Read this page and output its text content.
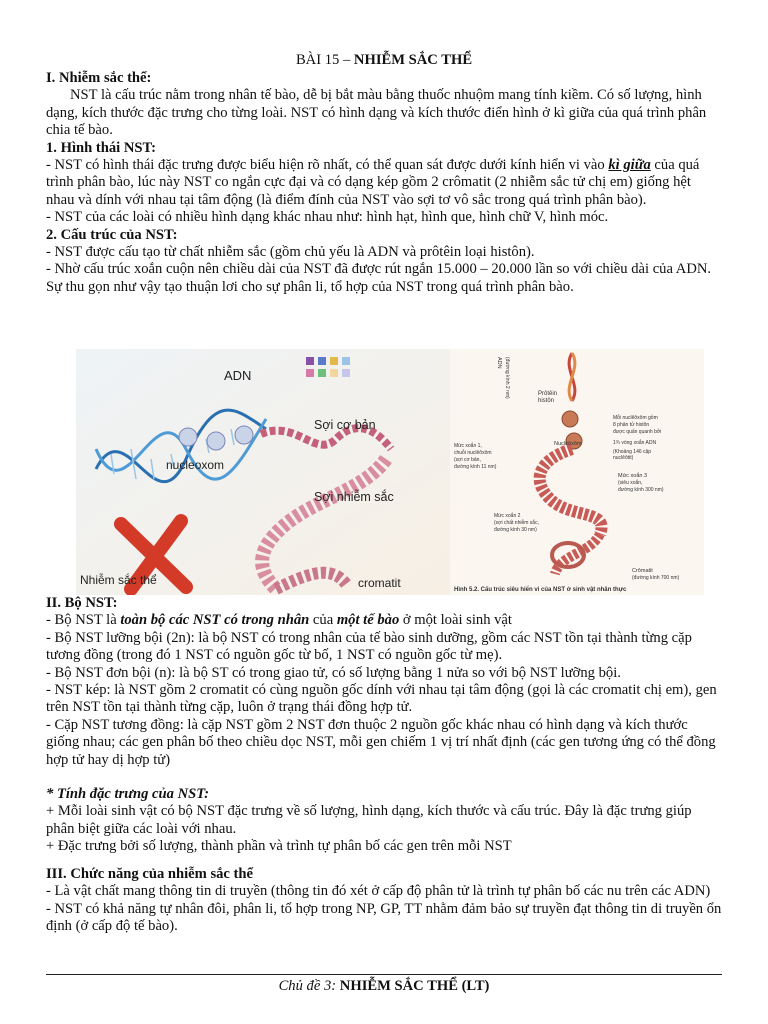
BÀI 15 – NHIỄM SẮC THỂ

I. Nhiễm sắc thể:

NST là cấu trúc nằm trong nhân tế bào, dễ bị bắt màu bằng thuốc nhuộm mang tính kiềm. Có số lượng, hình dạng, kích thước đặc trưng cho từng loài. NST có hình dạng và kích thước điển hình ở kì giữa của quá trình phân chia tế bào.

1. Hình thái NST:

- NST có hình thái đặc trưng được biểu hiện rõ nhất, có thể quan sát được dưới kính hiển vi vào kì giữa của quá trình phân bào, lúc này NST co ngắn cực đại và có dạng kép gồm 2 crômatit (2 nhiễm sắc tử chị em) giống hệt nhau và dính với nhau tại tâm động (là điểm đính của NST vào sợi tơ vô sắc trong quá trình phân bào).

- NST của các loài có nhiều hình dạng khác nhau như: hình hạt, hình que, hình chữ V, hình móc.

2. Cấu trúc của NST:

- NST được cấu tạo từ chất nhiễm sắc (gồm chủ yếu là ADN và prôtêin loại histôn).

- Nhờ cấu trúc xoắn cuộn nên chiều dài của NST đã được rút ngắn 15.000 – 20.000 lần so với chiều dài của ADN. Sự thu gọn như vậy tạo thuận lơi cho sự phân li, tổ hợp của NST trong quá trình phân bào.

ADN
Sợi cơ bản
nucleoxom
Sợi nhiễm sắc
Nhiễm sắc thể	cromatit
ADN (đường kính 2 nm)	Prôtêin
histôn
Mỗi nuclêôxôm gồm
8 phân tử histôn
được quấn quanh bởi
1¾ vòng xoắn ADN
(Khoảng 146 cặp
nuclêôtit)
Nuclêôxôm
Mức xoắn 1,
chuỗi nuclêôxôm
(sợi cơ bản,
đường kính 11 nm)
Mức xoắn 3
(siêu xoắn,
đường kính 300 nm)
Mức xoắn 2
(sợi chất nhiễm sắc,
đường kính 30 nm)
Crômatit
(đường kính 700 nm)
Hình 5.2. Cấu trúc siêu hiển vi của NST ở sinh vật nhân thực

II. Bộ NST:

- Bộ NST là toàn bộ các NST có trong nhân của một tế bào ở một loài sinh vật

- Bộ NST lưỡng bội (2n): là bộ NST có trong nhân của tế bào sinh dưỡng, gồm các NST tồn tại thành từng cặp tương đồng (trong đó 1 NST có nguồn gốc từ bố, 1 NST có nguồn gốc từ mẹ).

- Bộ NST đơn bội (n): là bộ ST có trong giao tử, có số lượng bằng 1 nửa so với bộ NST lưỡng bội.

- NST kép: là NST gồm 2 cromatit có cùng nguồn gốc dính với nhau tại tâm động (gọi là các cromatit chị em), gen trên NST tồn tại thành từng cặp, luôn ở trạng thái đồng hợp tử.

- Cặp NST tương đồng: là cặp NST gồm 2 NST đơn thuộc 2 nguồn gốc khác nhau có hình dạng và kích thước giống nhau; các gen phân bố theo chiều dọc NST, mỗi gen chiếm 1 vị trí nhất định (các gen tương ứng có thể đồng hợp tử hay dị hợp tử)

* Tính đặc trưng của NST:

+ Mỗi loài sinh vật có bộ NST đặc trưng về số lượng, hình dạng, kích thước và cấu trúc. Đây là đặc trưng giúp phân biệt giữa các loài với nhau.

+ Đặc trưng bởi số lượng, thành phần và trình tự phân bố các gen trên mỗi NST

III. Chức năng của nhiễm sắc thể

- Là vật chất mang thông tin di truyền (thông tin đó xét ở cấp độ phân tử là trình tự phân bố các nu trên các ADN)

- NST có khả năng tự nhân đôi, phân li, tổ hợp trong NP, GP, TT nhằm đảm bảo sự truyền đạt thông tin di truyền ổn định (ở cấp độ tế bào).

Chủ đề 3: NHIỄM SẮC THỂ (LT)
